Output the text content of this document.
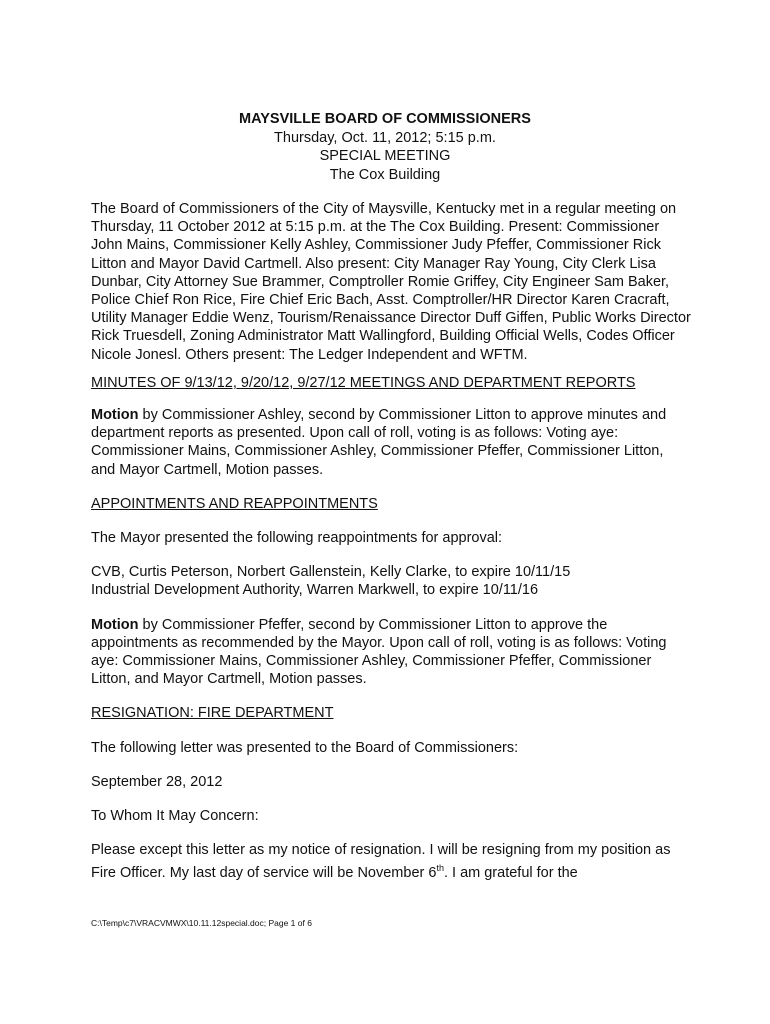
MAYSVILLE BOARD OF COMMISSIONERS
Thursday, Oct. 11, 2012; 5:15 p.m.
SPECIAL MEETING
The Cox Building

The Board of Commissioners of the City of Maysville, Kentucky met in a regular meeting on Thursday, 11 October 2012 at 5:15 p.m. at the The Cox Building. Present: Commissioner John Mains, Commissioner Kelly Ashley, Commissioner Judy Pfeffer, Commissioner Rick Litton and Mayor David Cartmell. Also present: City Manager Ray Young, City Clerk Lisa Dunbar, City Attorney Sue Brammer, Comptroller Romie Griffey, City Engineer Sam Baker, Police Chief Ron Rice, Fire Chief Eric Bach, Asst. Comptroller/HR Director Karen Cracraft, Utility Manager Eddie Wenz, Tourism/Renaissance Director Duff Giffen, Public Works Director Rick Truesdell, Zoning Administrator Matt Wallingford, Building Official Wells, Codes Officer Nicole Jonesl. Others present: The Ledger Independent and WFTM.

MINUTES OF 9/13/12, 9/20/12, 9/27/12 MEETINGS AND DEPARTMENT REPORTS

Motion by Commissioner Ashley, second by Commissioner Litton to approve minutes and department reports as presented. Upon call of roll, voting is as follows: Voting aye: Commissioner Mains, Commissioner Ashley, Commissioner Pfeffer, Commissioner Litton, and Mayor Cartmell, Motion passes.

APPOINTMENTS AND REAPPOINTMENTS

The Mayor presented the following reappointments for approval:

CVB, Curtis Peterson, Norbert Gallenstein, Kelly Clarke, to expire 10/11/15

Industrial Development Authority, Warren Markwell, to expire 10/11/16

Motion by Commissioner Pfeffer, second by Commissioner Litton to approve the appointments as recommended by the Mayor. Upon call of roll, voting is as follows: Voting aye: Commissioner Mains, Commissioner Ashley, Commissioner Pfeffer, Commissioner Litton, and Mayor Cartmell, Motion passes.

RESIGNATION: FIRE DEPARTMENT

The following letter was presented to the Board of Commissioners:

September 28, 2012

To Whom It May Concern:

Please except this letter as my notice of resignation. I will be resigning from my position as Fire Officer. My last day of service will be November 6th. I am grateful for the

C:\Temp\c7\VRACVMWX\10.11.12special.doc; Page 1 of 6
